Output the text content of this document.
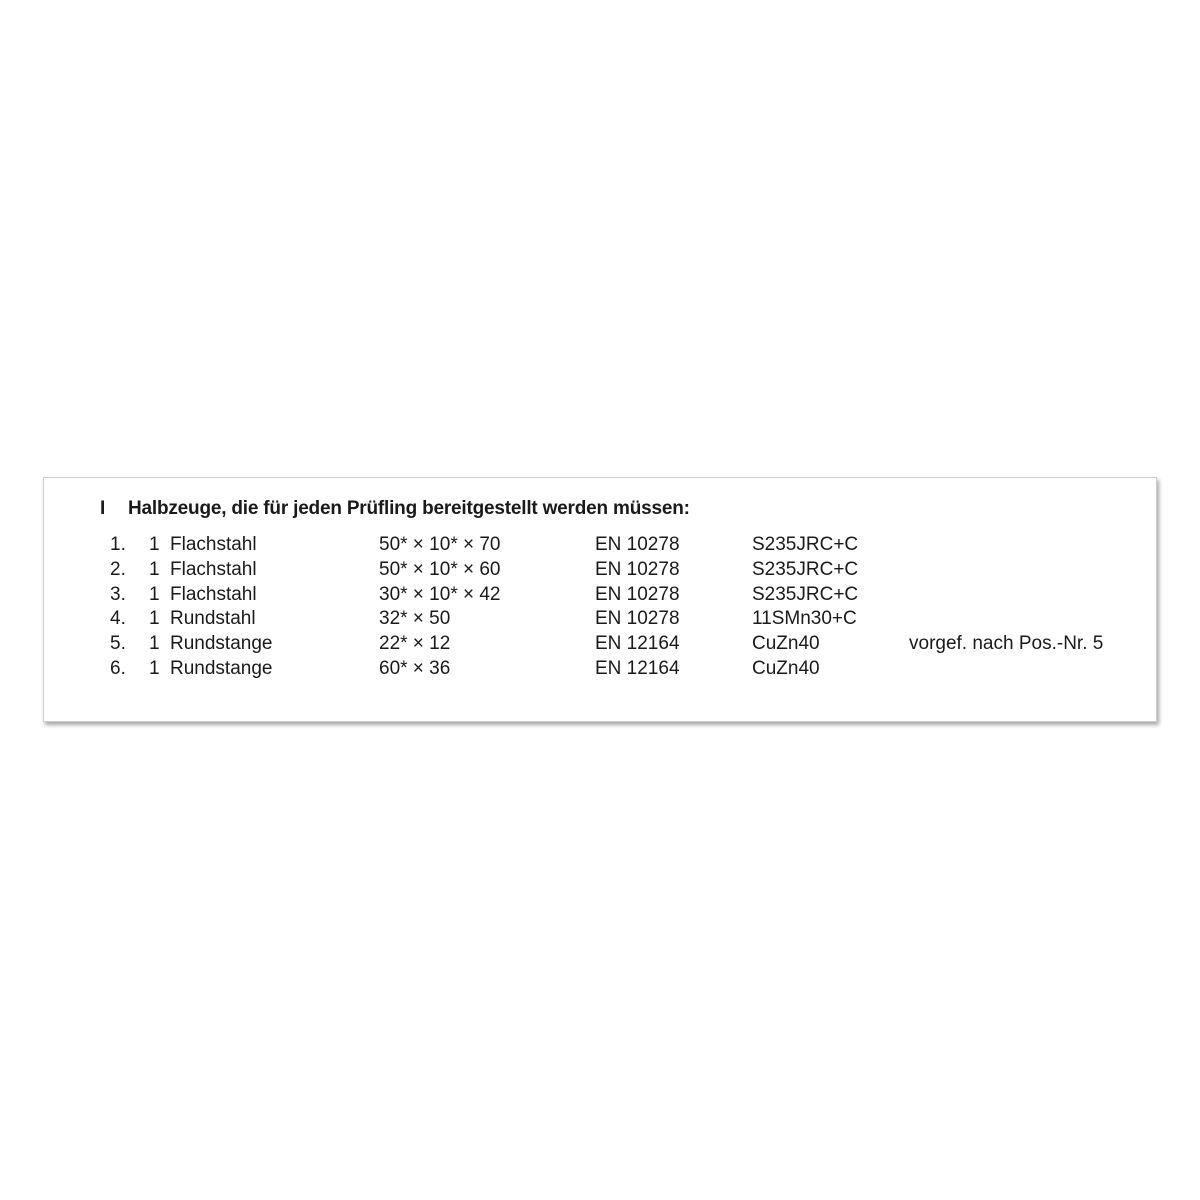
I Halbzeuge, die für jeden Prüfling bereitgestellt werden müssen:
1. 1 Flachstahl	50* × 10* × 70	EN 10278	S235JRC+C
2. 1 Flachstahl	50* × 10* × 60	EN 10278	S235JRC+C
3. 1 Flachstahl	30* × 10* × 42	EN 10278	S235JRC+C
4. 1 Rundstahl	32* × 50	EN 10278	11SMn30+C
5. 1 Rundstange	22* × 12	EN 12164	CuZn40	vorgef. nach Pos.-Nr. 5
6. 1 Rundstange	60* × 36	EN 12164	CuZn40
